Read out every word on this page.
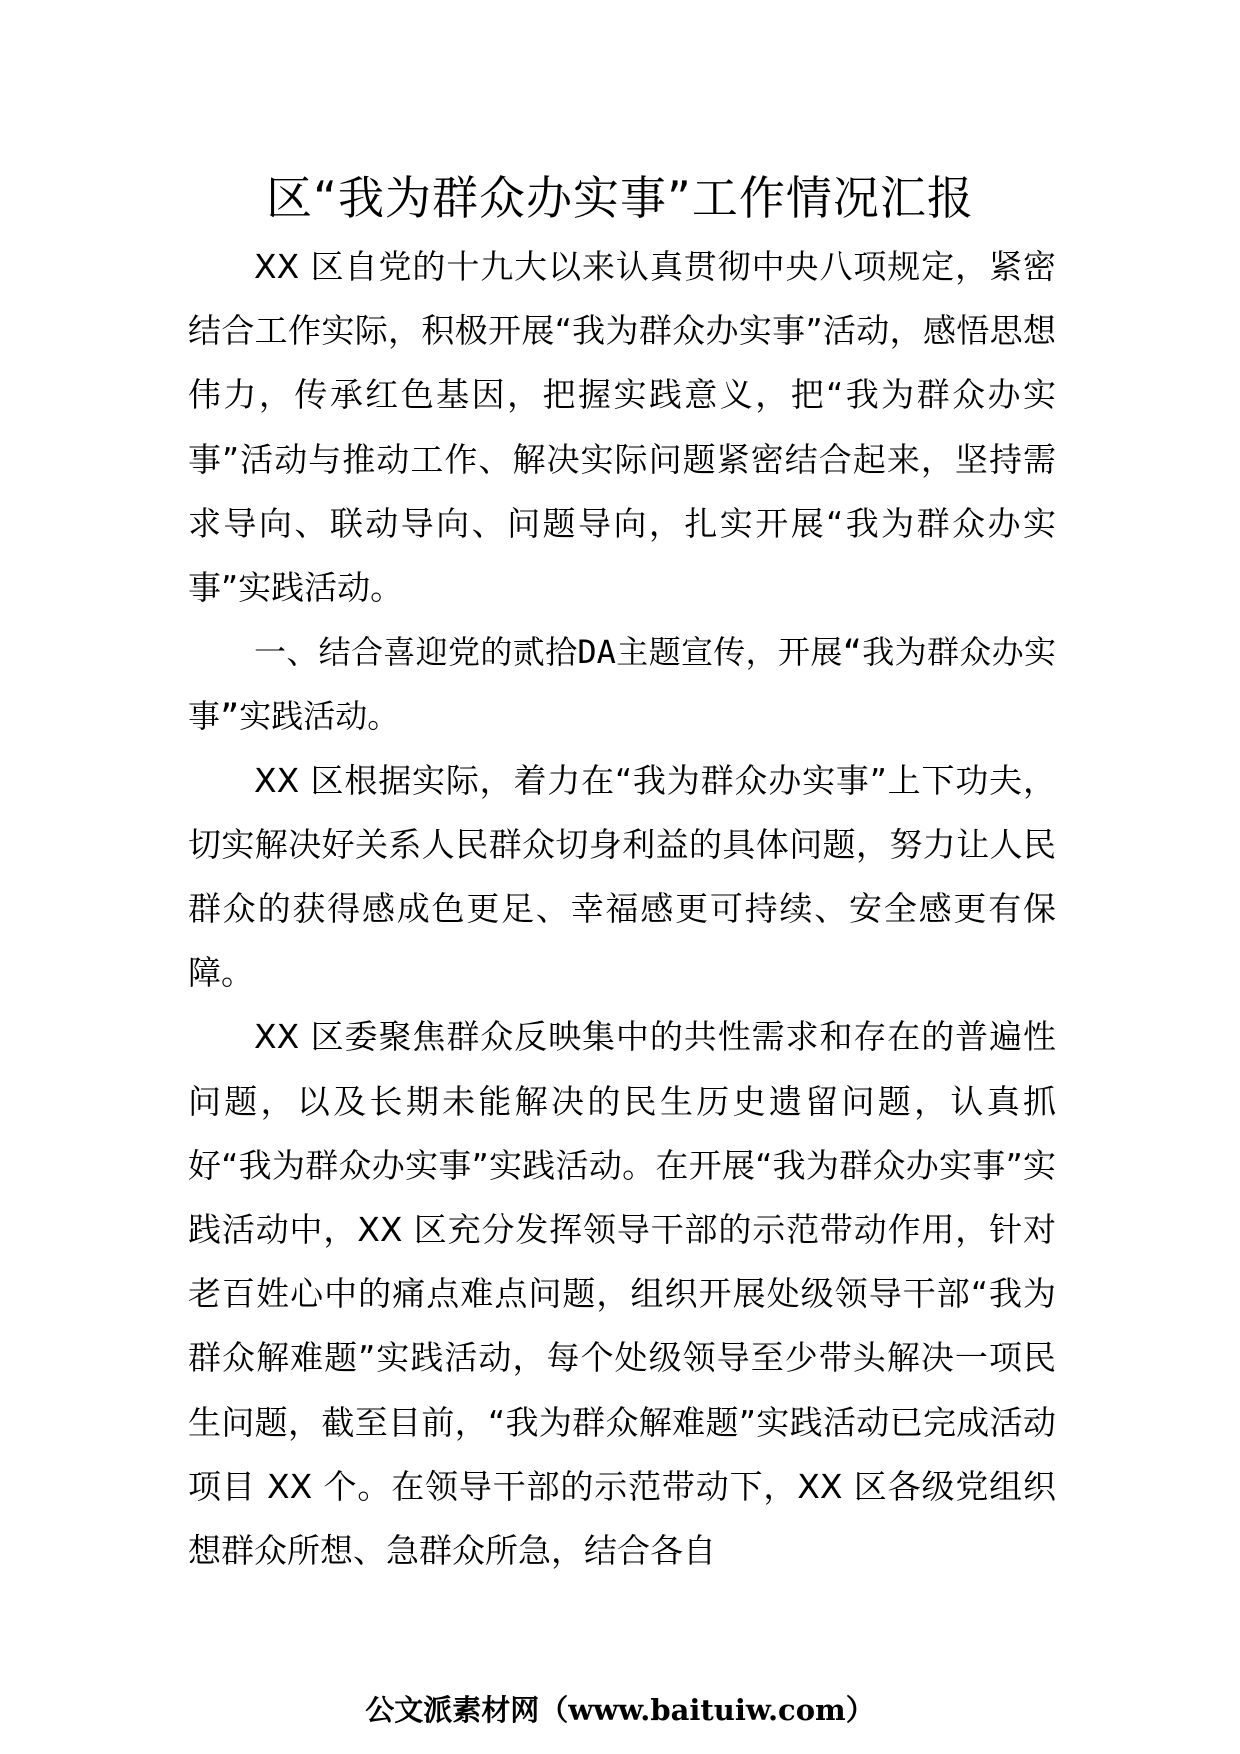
区“我为群众办实事”工作情况汇报

XX 区自党的十九大以来认真贯彻中央八项规定，紧密结合工作实际，积极开展“我为群众办实事”活动，感悟思想伟力，传承红色基因，把握实践意义，把“我为群众办实事”活动与推动工作、解决实际问题紧密结合起来，坚持需求导向、联动导向、问题导向，扎实开展“我为群众办实事”实践活动。

一、结合喜迎党的贰拾DA主题宣传，开展“我为群众办实事”实践活动。

XX 区根据实际，着力在“我为群众办实事”上下功夫，切实解决好关系人民群众切身利益的具体问题，努力让人民群众的获得感成色更足、幸福感更可持续、安全感更有保障。

XX 区委聚焦群众反映集中的共性需求和存在的普遍性问题，以及长期未能解决的民生历史遗留问题，认真抓好“我为群众办实事”实践活动。在开展“我为群众办实事”实践活动中，XX 区充分发挥领导干部的示范带动作用，针对老百姓心中的痛点难点问题，组织开展处级领导干部“我为群众解难题”实践活动，每个处级领导至少带头解决一项民生问题，截至目前，“我为群众解难题”实践活动已完成活动项目 XX 个。在领导干部的示范带动下，XX 区各级党组织想群众所想、急群众所急，结合各自

公文派素材网（www.baituiw.com）
